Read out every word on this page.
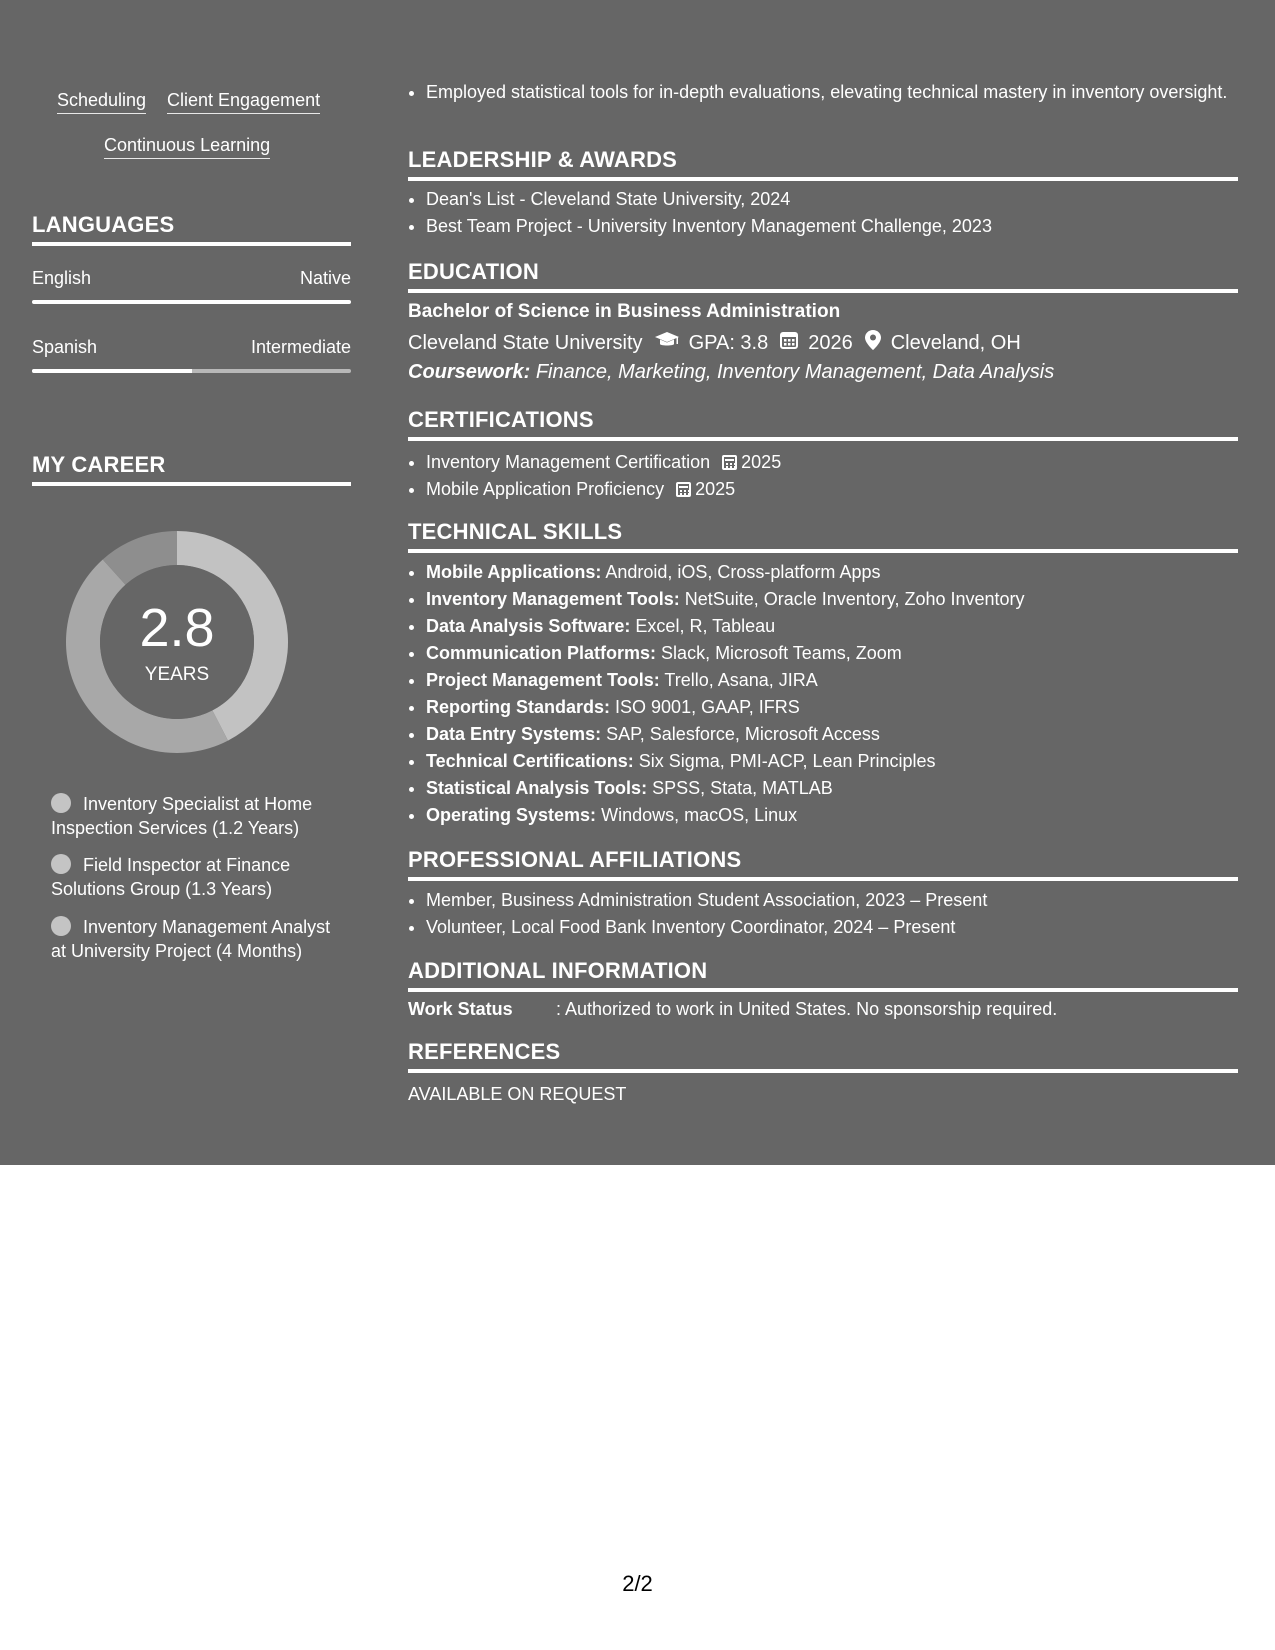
Scheduling Client Engagement
Continuous Learning
LANGUAGES
English	Native
Spanish	Intermediate
MY CAREER
2.8
YEARS
Inventory Specialist at Home Inspection Services (1.2 Years)
Field Inspector at Finance Solutions Group (1.3 Years)
Inventory Management Analyst at University Project (4 Months)
• Employed statistical tools for in-depth evaluations, elevating technical mastery in inventory oversight.
LEADERSHIP & AWARDS
• Dean's List - Cleveland State University, 2024
• Best Team Project - University Inventory Management Challenge, 2023
EDUCATION
Bachelor of Science in Business Administration
Cleveland State University GPA: 3.8 2026 Cleveland, OH
Coursework: Finance, Marketing, Inventory Management, Data Analysis
CERTIFICATIONS
• Inventory Management Certification 2025
• Mobile Application Proficiency 2025
TECHNICAL SKILLS
• Mobile Applications: Android, iOS, Cross-platform Apps
• Inventory Management Tools: NetSuite, Oracle Inventory, Zoho Inventory
• Data Analysis Software: Excel, R, Tableau
• Communication Platforms: Slack, Microsoft Teams, Zoom
• Project Management Tools: Trello, Asana, JIRA
• Reporting Standards: ISO 9001, GAAP, IFRS
• Data Entry Systems: SAP, Salesforce, Microsoft Access
• Technical Certifications: Six Sigma, PMI-ACP, Lean Principles
• Statistical Analysis Tools: SPSS, Stata, MATLAB
• Operating Systems: Windows, macOS, Linux
PROFESSIONAL AFFILIATIONS
• Member, Business Administration Student Association, 2023 – Present
• Volunteer, Local Food Bank Inventory Coordinator, 2024 – Present
ADDITIONAL INFORMATION
Work Status : Authorized to work in United States. No sponsorship required.
REFERENCES
AVAILABLE ON REQUEST
2/2
